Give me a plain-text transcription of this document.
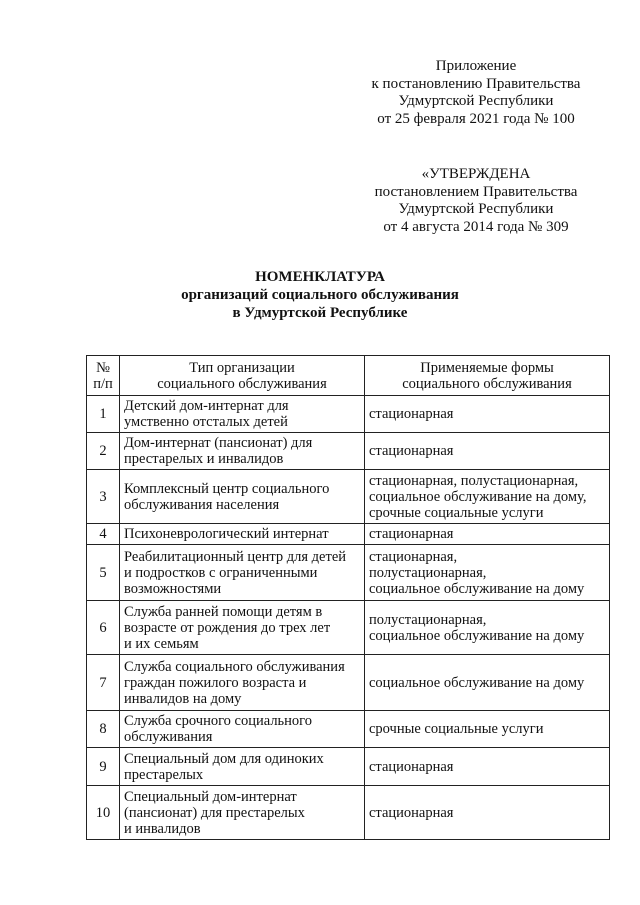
Приложение
к постановлению Правительства
Удмуртской Республики
от 25 февраля 2021 года № 100
«УТВЕРЖДЕНА
постановлением Правительства
Удмуртской Республики
от 4 августа 2014 года № 309
НОМЕНКЛАТУРА
организаций социального обслуживания
в Удмуртской Республике
№
п/п	Тип организации
социального обслуживания	Применяемые формы
социального обслуживания

1	Детский дом-интернат для
умственно отсталых детей	стационарная

2	Дом-интернат (пансионат) для
престарелых и инвалидов	стационарная

3	Комплексный центр социального
обслуживания населения	стационарная, полустационарная,
социальное обслуживание на дому,
срочные социальные услуги

4	Психоневрологический интернат	стационарная

5	Реабилитационный центр для детей
и подростков с ограниченными
возможностями	стационарная,
полустационарная,
социальное обслуживание на дому

6	Служба ранней помощи детям в
возрасте от рождения до трех лет
и их семьям	полустационарная,
социальное обслуживание на дому

7	Служба социального обслуживания
граждан пожилого возраста и
инвалидов на дому	социальное обслуживание на дому

8	Служба срочного социального
обслуживания	срочные социальные услуги

9	Специальный дом для одиноких
престарелых	стационарная

10	Специальный дом-интернат
(пансионат) для престарелых
и инвалидов	стационарная
